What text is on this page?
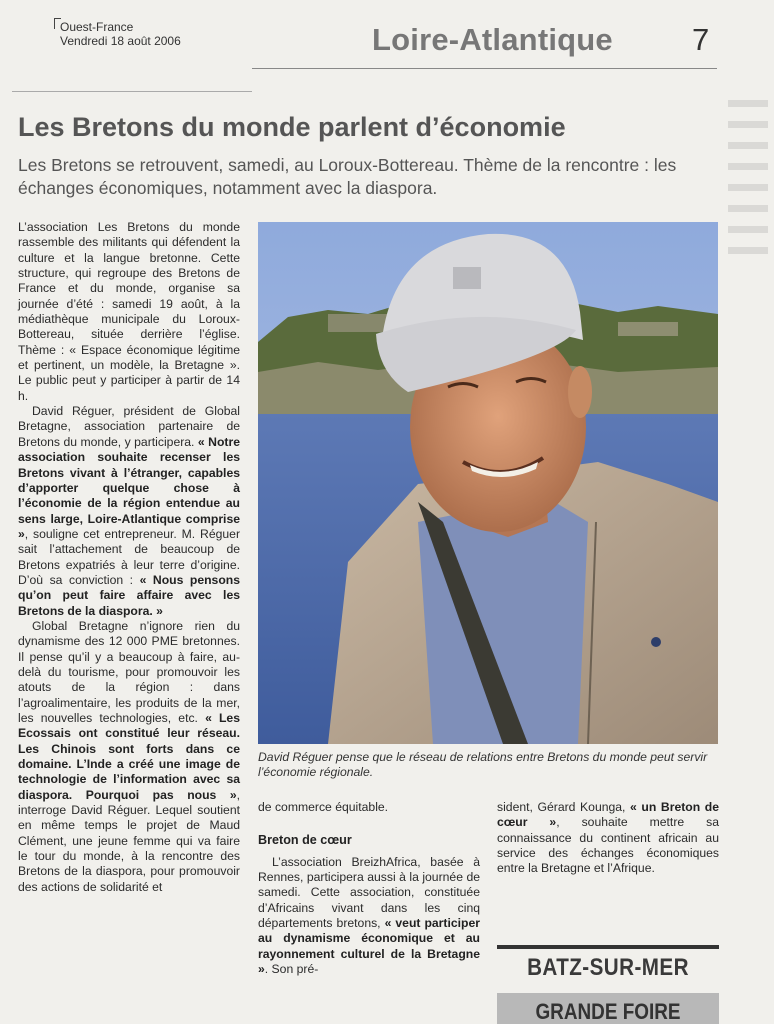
Ouest-France
Vendredi 18 août 2006	Loire-Atlantique	7
Les Bretons du monde parlent d’économie
Les Bretons se retrouvent, samedi, au Loroux-Bottereau. Thème de la rencontre : les échanges économiques, notamment avec la diaspora.

L’association Les Bretons du monde rassemble des militants qui défendent la culture et la langue bretonne. Cette structure, qui regroupe des Bretons de France et du monde, organise sa journée d’été : samedi 19 août, à la médiathèque municipale du Loroux-Bottereau, située derrière l’église. Thème : « Espace économique légitime et pertinent, un modèle, la Bretagne ». Le public peut y participer à partir de 14 h.

David Réguer, président de Global Bretagne, association partenaire de Bretons du monde, y participera. « Notre association souhaite recenser les Bretons vivant à l’étranger, capables d’apporter quelque chose à l’économie de la région entendue au sens large, Loire-Atlantique comprise », souligne cet entrepreneur. M. Réguer sait l’attachement de beaucoup de Bretons expatriés à leur terre d’origine. D’où sa conviction : « Nous pensons qu’on peut faire affaire avec les Bretons de la diaspora. »

Global Bretagne n’ignore rien du dynamisme des 12 000 PME bretonnes. Il pense qu’il y a beaucoup à faire, au-delà du tourisme, pour promouvoir les atouts de la région : dans l’agroalimentaire, les produits de la mer, les nouvelles technologies, etc. « Les Ecossais ont constitué leur réseau. Les Chinois sont forts dans ce domaine. L’Inde a créé une image de technologie de l’information avec sa diaspora. Pourquoi pas nous », interroge David Réguer. Lequel soutient en même temps le projet de Maud Clément, une jeune femme qui va faire le tour du monde, à la rencontre des Bretons de la diaspora, pour promouvoir des actions de solidarité et

David Réguer pense que le réseau de relations entre Bretons du monde peut servir l’économie régionale.

de commerce équitable.

Breton de cœur

L’association BreizhAfrica, basée à Rennes, participera aussi à la journée de samedi. Cette association, constituée d’Africains vivant dans les cinq départements bretons, « veut participer au dynamisme économique et au rayonnement culturel de la Bretagne ». Son pré-

sident, Gérard Kounga, « un Breton de cœur », souhaite mettre sa connaissance du continent africain au service des échanges économiques entre la Bretagne et l’Afrique.

BATZ-SUR-MER
GRANDE FOIRE
